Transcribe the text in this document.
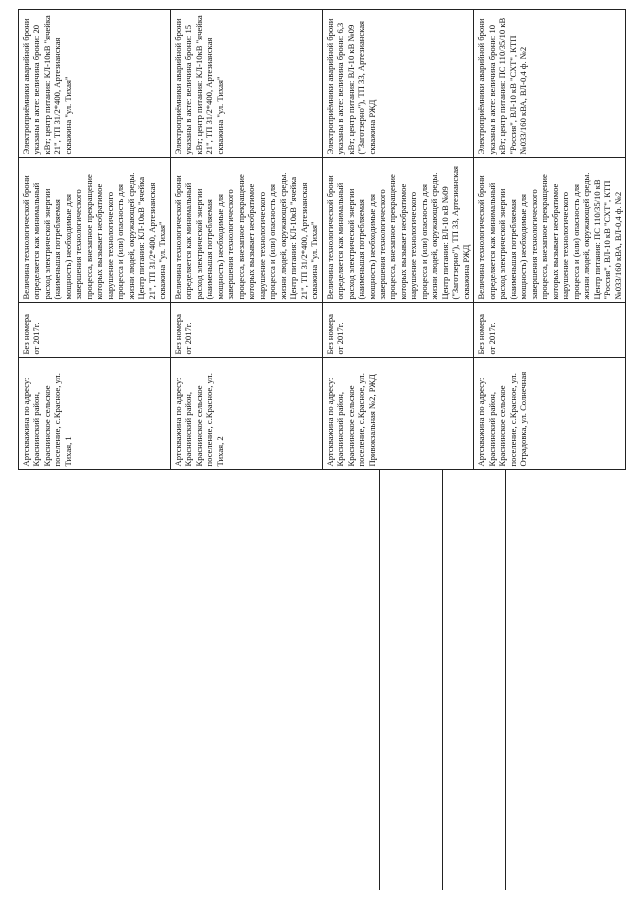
	Артскважина по адресу: Краснинский район, Краснинское сельское поселение, с.Красное, ул. Тихая, 1	Без номера от 2017г.	Величина технологической брони определяется как минимальный расход электрической энергии (наименьшая потребляемая мощность) необходимые для завершения технологического процесса, внезапное прекращение которых вызывает необратимое нарушение технологического процесса и (или) опасность для жизни людей, окружающей среды. Центр питания: КЛ-10кВ "ячейка 21", ТП 31/2*400, Артезианская скважина "ул. Тихая"	Электроприёмники аварийной брони указаны в акте: величина брони: 20 кВт; центр питания: КЛ-10кВ "ячейка 21", ТП 31/2*400, Артезианская скважина "ул. Тихая"
	Артскважина по адресу: Краснинский район, Краснинское сельское поселение, с.Красное, ул. Тихая, 2	Без номера от 2017г.	Величина технологической брони определяется как минимальный расход электрической энергии (наименьшая потребляемая мощность) необходимые для завершения технологического процесса, внезапное прекращение которых вызывает необратимое нарушение технологического процесса и (или) опасность для жизни людей, окружающей среды. Центр питания: КЛ-10кВ "ячейка 21", ТП 31/2*400, Артезианская скважина "ул. Тихая"	Электроприёмники аварийной брони указаны в акте: величина брони: 15 кВт; центр питания: КЛ-10кВ "ячейка 21", ТП 31/2*400, Артезианская скважина "ул. Тихая"
	Артскважина по адресу: Краснинский район, Краснинское сельское поселение, с.Красное, ул. Привокзальная №2, РЖД	Без номера от 2017г.	Величина технологической брони определяется как минимальный расход электрической энергии (наименьшая потребляемая мощность) необходимые для завершения технологического процесса, внезапное прекращение которых вызывает необратимое нарушение технологического процесса и (или) опасность для жизни людей, окружающей среды. Центр питания: ВЛ-10 кВ №09 ("Заготзерно"), ТП 33, Артезианская скважина РЖД	Электроприёмники аварийной брони указаны в акте: величина брони: 6,3 кВт; центр питания: ВЛ-10 кВ №09 ("Заготзерно"), ТП 33, Артезианская скважина РЖД
	Артскважина по адресу: Краснинский район, Краснинское сельское поселение, с.Красное, ул. Отрадовка, ул. Солнечная	Без номера от 2017г.	Величина технологической брони определяется как минимальный расход электрической энергии (наименьшая потребляемая мощность) необходимые для завершения технологического процесса, внезапное прекращение которых вызывает необратимое нарушение технологического процесса и (или) опасность для жизни людей, окружающей среды. Центр питания: ПС 110/35/10 кВ "Россия", ВЛ-10 кВ "СХТ", КТП №033/160 кВА, ВЛ-0,4 ф. №2	Электроприёмники аварийной брони указаны в акте: величина брони: 10 кВт; центр питания: ПС 110/35/10 кВ "Россия", ВЛ-10 кВ "СХТ", КТП №033/160 кВА, ВЛ-0,4 ф. №2
